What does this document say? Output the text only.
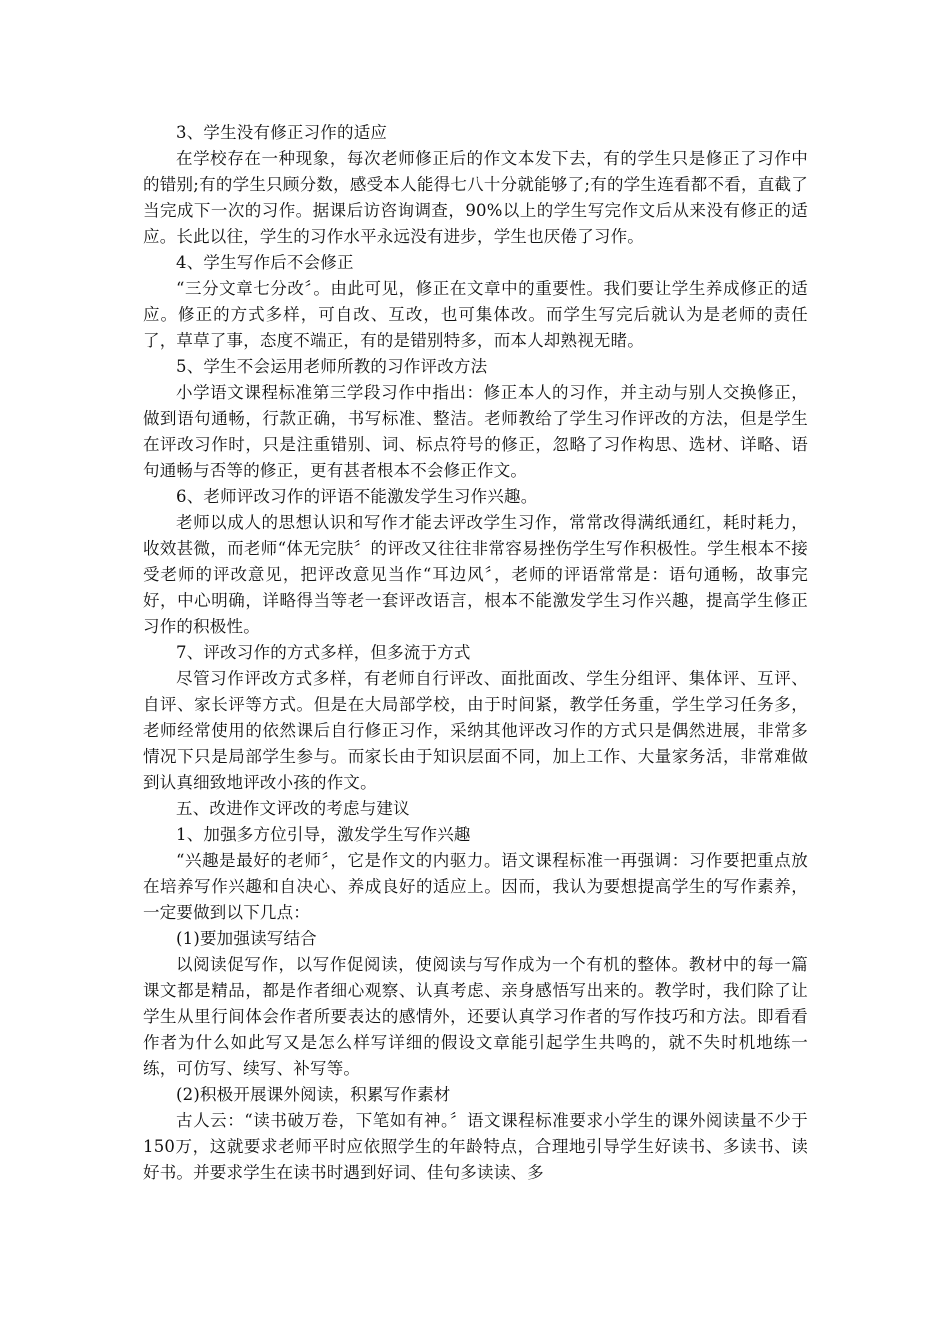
3、学生没有修正习作的适应

在学校存在一种现象，每次老师修正后的作文本发下去，有的学生只是修正了习作中的错别;有的学生只顾分数，感受本人能得七八十分就能够了;有的学生连看都不看，直截了当完成下一次的习作。据课后访咨询调查，90%以上的学生写完作文后从来没有修正的适应。长此以往，学生的习作水平永远没有进步，学生也厌倦了习作。

4、学生写作后不会修正

“三分文章七分改〞。由此可见，修正在文章中的重要性。我们要让学生养成修正的适应。修正的方式多样，可自改、互改，也可集体改。而学生写完后就认为是老师的责任了，草草了事，态度不端正，有的是错别特多，而本人却熟视无睹。

5、学生不会运用老师所教的习作评改方法

小学语文课程标准第三学段习作中指出：修正本人的习作，并主动与别人交换修正，做到语句通畅，行款正确，书写标准、整洁。老师教给了学生习作评改的方法，但是学生在评改习作时，只是注重错别、词、标点符号的修正，忽略了习作构思、选材、详略、语句通畅与否等的修正，更有甚者根本不会修正作文。

6、老师评改习作的评语不能激发学生习作兴趣。

老师以成人的思想认识和写作才能去评改学生习作，常常改得满纸通红，耗时耗力，收效甚微，而老师“体无完肤〞的评改又往往非常容易挫伤学生写作积极性。学生根本不接受老师的评改意见，把评改意见当作“耳边风〞，老师的评语常常是：语句通畅，故事完好，中心明确，详略得当等老一套评改语言，根本不能激发学生习作兴趣，提高学生修正习作的积极性。

7、评改习作的方式多样，但多流于方式

尽管习作评改方式多样，有老师自行评改、面批面改、学生分组评、集体评、互评、自评、家长评等方式。但是在大局部学校，由于时间紧，教学任务重，学生学习任务多，老师经常使用的依然课后自行修正习作，采纳其他评改习作的方式只是偶然进展，非常多情况下只是局部学生参与。而家长由于知识层面不同，加上工作、大量家务活，非常难做到认真细致地评改小孩的作文。

五、改进作文评改的考虑与建议

1、加强多方位引导，激发学生写作兴趣

“兴趣是最好的老师〞，它是作文的内驱力。语文课程标准一再强调：习作要把重点放在培养写作兴趣和自决心、养成良好的适应上。因而，我认为要想提高学生的写作素养，一定要做到以下几点：

(1)要加强读写结合

以阅读促写作，以写作促阅读，使阅读与写作成为一个有机的整体。教材中的每一篇课文都是精品，都是作者细心观察、认真考虑、亲身感悟写出来的。教学时，我们除了让学生从里行间体会作者所要表达的感情外，还要认真学习作者的写作技巧和方法。即看看作者为什么如此写又是怎么样写详细的假设文章能引起学生共鸣的，就不失时机地练一练，可仿写、续写、补写等。

(2)积极开展课外阅读，积累写作素材

古人云：“读书破万卷，下笔如有神。〞语文课程标准要求小学生的课外阅读量不少于150万，这就要求老师平时应依照学生的年龄特点，合理地引导学生好读书、多读书、读好书。并要求学生在读书时遇到好词、佳句多读读、多
